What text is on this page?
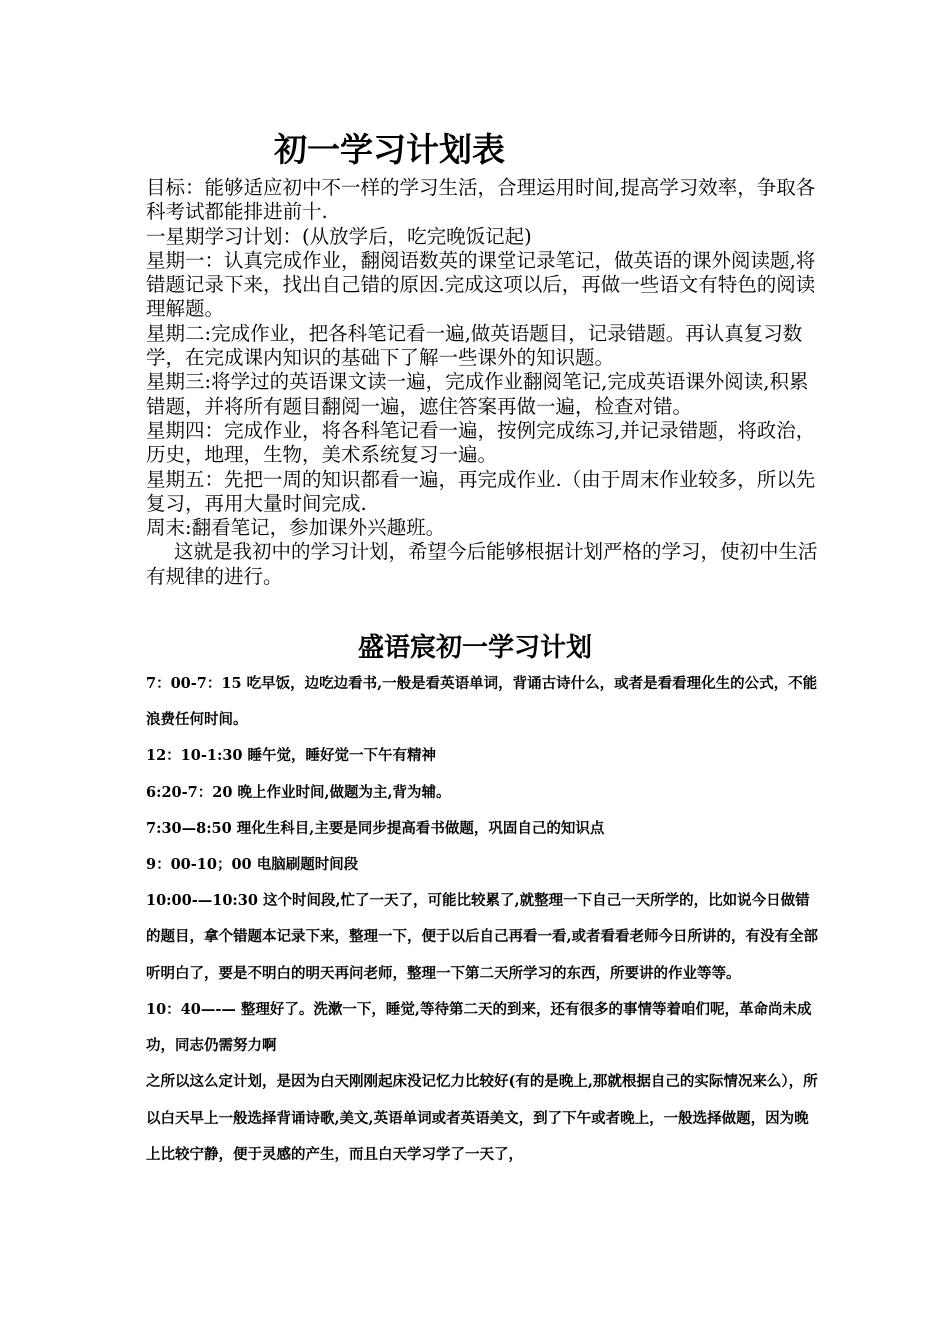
初一学习计划表

目标：能够适应初中不一样的学习生活，合理运用时间,提高学习效率，争取各科考试都能排进前十.

一星期学习计划：(从放学后，吃完晚饭记起)

星期一：认真完成作业，翻阅语数英的课堂记录笔记，做英语的课外阅读题,将错题记录下来，找出自己错的原因.完成这项以后，再做一些语文有特色的阅读理解题。

星期二:完成作业，把各科笔记看一遍,做英语题目，记录错题。再认真复习数学，在完成课内知识的基础下了解一些课外的知识题。

星期三:将学过的英语课文读一遍，完成作业翻阅笔记,完成英语课外阅读,积累错题，并将所有题目翻阅一遍，遮住答案再做一遍，检查对错。

星期四：完成作业，将各科笔记看一遍，按例完成练习,并记录错题，将政治，历史，地理，生物，美术系统复习一遍。

星期五：先把一周的知识都看一遍，再完成作业.（由于周末作业较多，所以先复习，再用大量时间完成.

周末:翻看笔记，参加课外兴趣班。

这就是我初中的学习计划，希望今后能够根据计划严格的学习，使初中生活有规律的进行。

盛语宸初一学习计划

7：00-7：15 吃早饭，边吃边看书,一般是看英语单词，背诵古诗什么，或者是看看理化生的公式，不能浪费任何时间。

12：10-1:30 睡午觉，睡好觉一下午有精神

6:20-7：20 晚上作业时间,做题为主,背为辅。

7:30—8:50 理化生科目,主要是同步提高看书做题，巩固自己的知识点

9：00-10；00 电脑刷题时间段

10:00-—10:30 这个时间段,忙了一天了，可能比较累了,就整理一下自己一天所学的，比如说今日做错的题目，拿个错题本记录下来，整理一下，便于以后自己再看一看,或者看看老师今日所讲的，有没有全部听明白了，要是不明白的明天再问老师，整理一下第二天所学习的东西，所要讲的作业等等。

10：40—-— 整理好了。洗漱一下，睡觉,等待第二天的到来，还有很多的事情等着咱们呢，革命尚未成功，同志仍需努力啊

之所以这么定计划，是因为白天刚刚起床没记忆力比较好(有的是晚上,那就根据自己的实际情况来么），所以白天早上一般选择背诵诗歌,美文,英语单词或者英语美文，到了下午或者晚上，一般选择做题，因为晚上比较宁静，便于灵感的产生，而且白天学习学了一天了，
